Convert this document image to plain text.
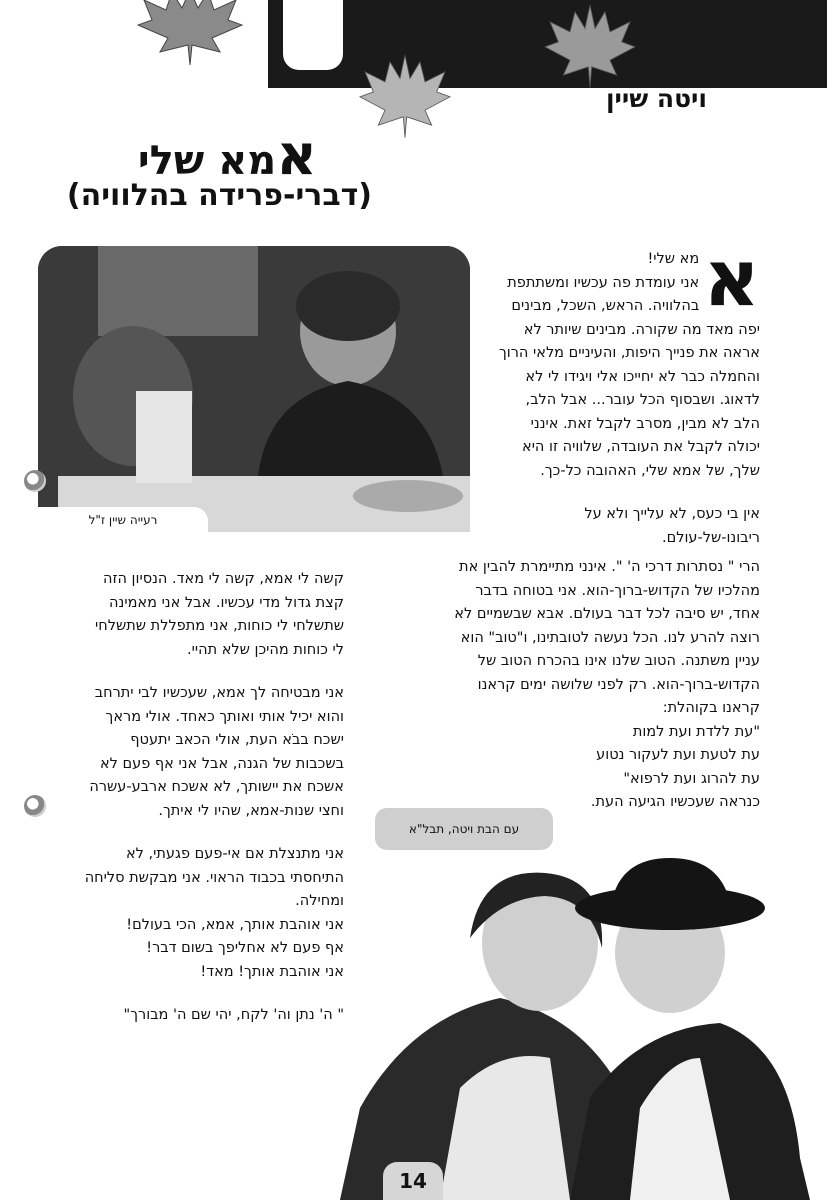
ויטה שיין
אמא שלי
(דברי-פרידה בהלוויה)
רעייה שיין ז"ל
א
מא שלי!

אני עומדת פה עכשיו ומשתתפת בהלוויה. הראש, השכל, מבינים יפה מאד מה שקורה. מבינים שיותר לא אראה את פנייך היפות, והעיניים מלאי הרוך והחמלה כבר לא יחייכו אלי ויגידו לי לא לדאוג. ושבסוף הכל עובר... אבל הלב, הלב לא מבין, מסרב לקבל זאת. אינני יכולה לקבל את העובדה, שלוויה זו היא שלך, של אמא שלי, האהובה כל-כך.

אין בי כעס, לא עלייך ולא על ריבונו-של-עולם.

הרי " נסתרות דרכי ה' ". אינני מתיימרת להבין את מהלכיו של הקדוש-ברוך-הוא. אני בטוחה בדבר אחד, יש סיבה לכל דבר בעולם. אבא שבשמיים לא רוצה להרע לנו. הכל נעשה לטובתינו, ו"טוב" הוא עניין משתנה. הטוב שלנו אינו בהכרח הטוב של הקדוש-ברוך-הוא. רק לפני שלושה ימים קראנו קראנו בקוהלת:
"עת ללדת ועת למות
עת לטעת ועת לעקור נטוע
עת להרוג ועת לרפוא"
כנראה שעכשיו הגיעה העת.

קשה לי אמא, קשה לי מאד. הנסיון הזה קצת גדול מדי עכשיו. אבל אני מאמינה שתשלחי לי כוחות, אני מתפללת שתשלחי לי כוחות מהיכן שלא תהיי.

אני מבטיחה לך אמא, שעכשיו לבי יתרחב והוא יכיל אותי ואותך כאחד. אולי מראך ישכח בבֹא העת, אולי הכאב יתעטף בשכבות של הגנה, אבל אני אף פעם לא אשכח את יישותך, לא אשכח ארבע-עשרה וחצי שנות-אמא, שהיו לי איתך.

אני מתנצלת אם אי-פעם פגעתי, לא התיחסתי בכבוד הראוי. אני מבקשת סליחה ומחילה.
אני אוהבת אותך, אמא, הכי בעולם!
אף פעם לא אחליפך בשום דבר!
אני אוהבת אותך! מאד!
" ה' נתן וה' לקח, יהי שם ה' מבורך"
עם הבת ויטה, תבל"א
14
